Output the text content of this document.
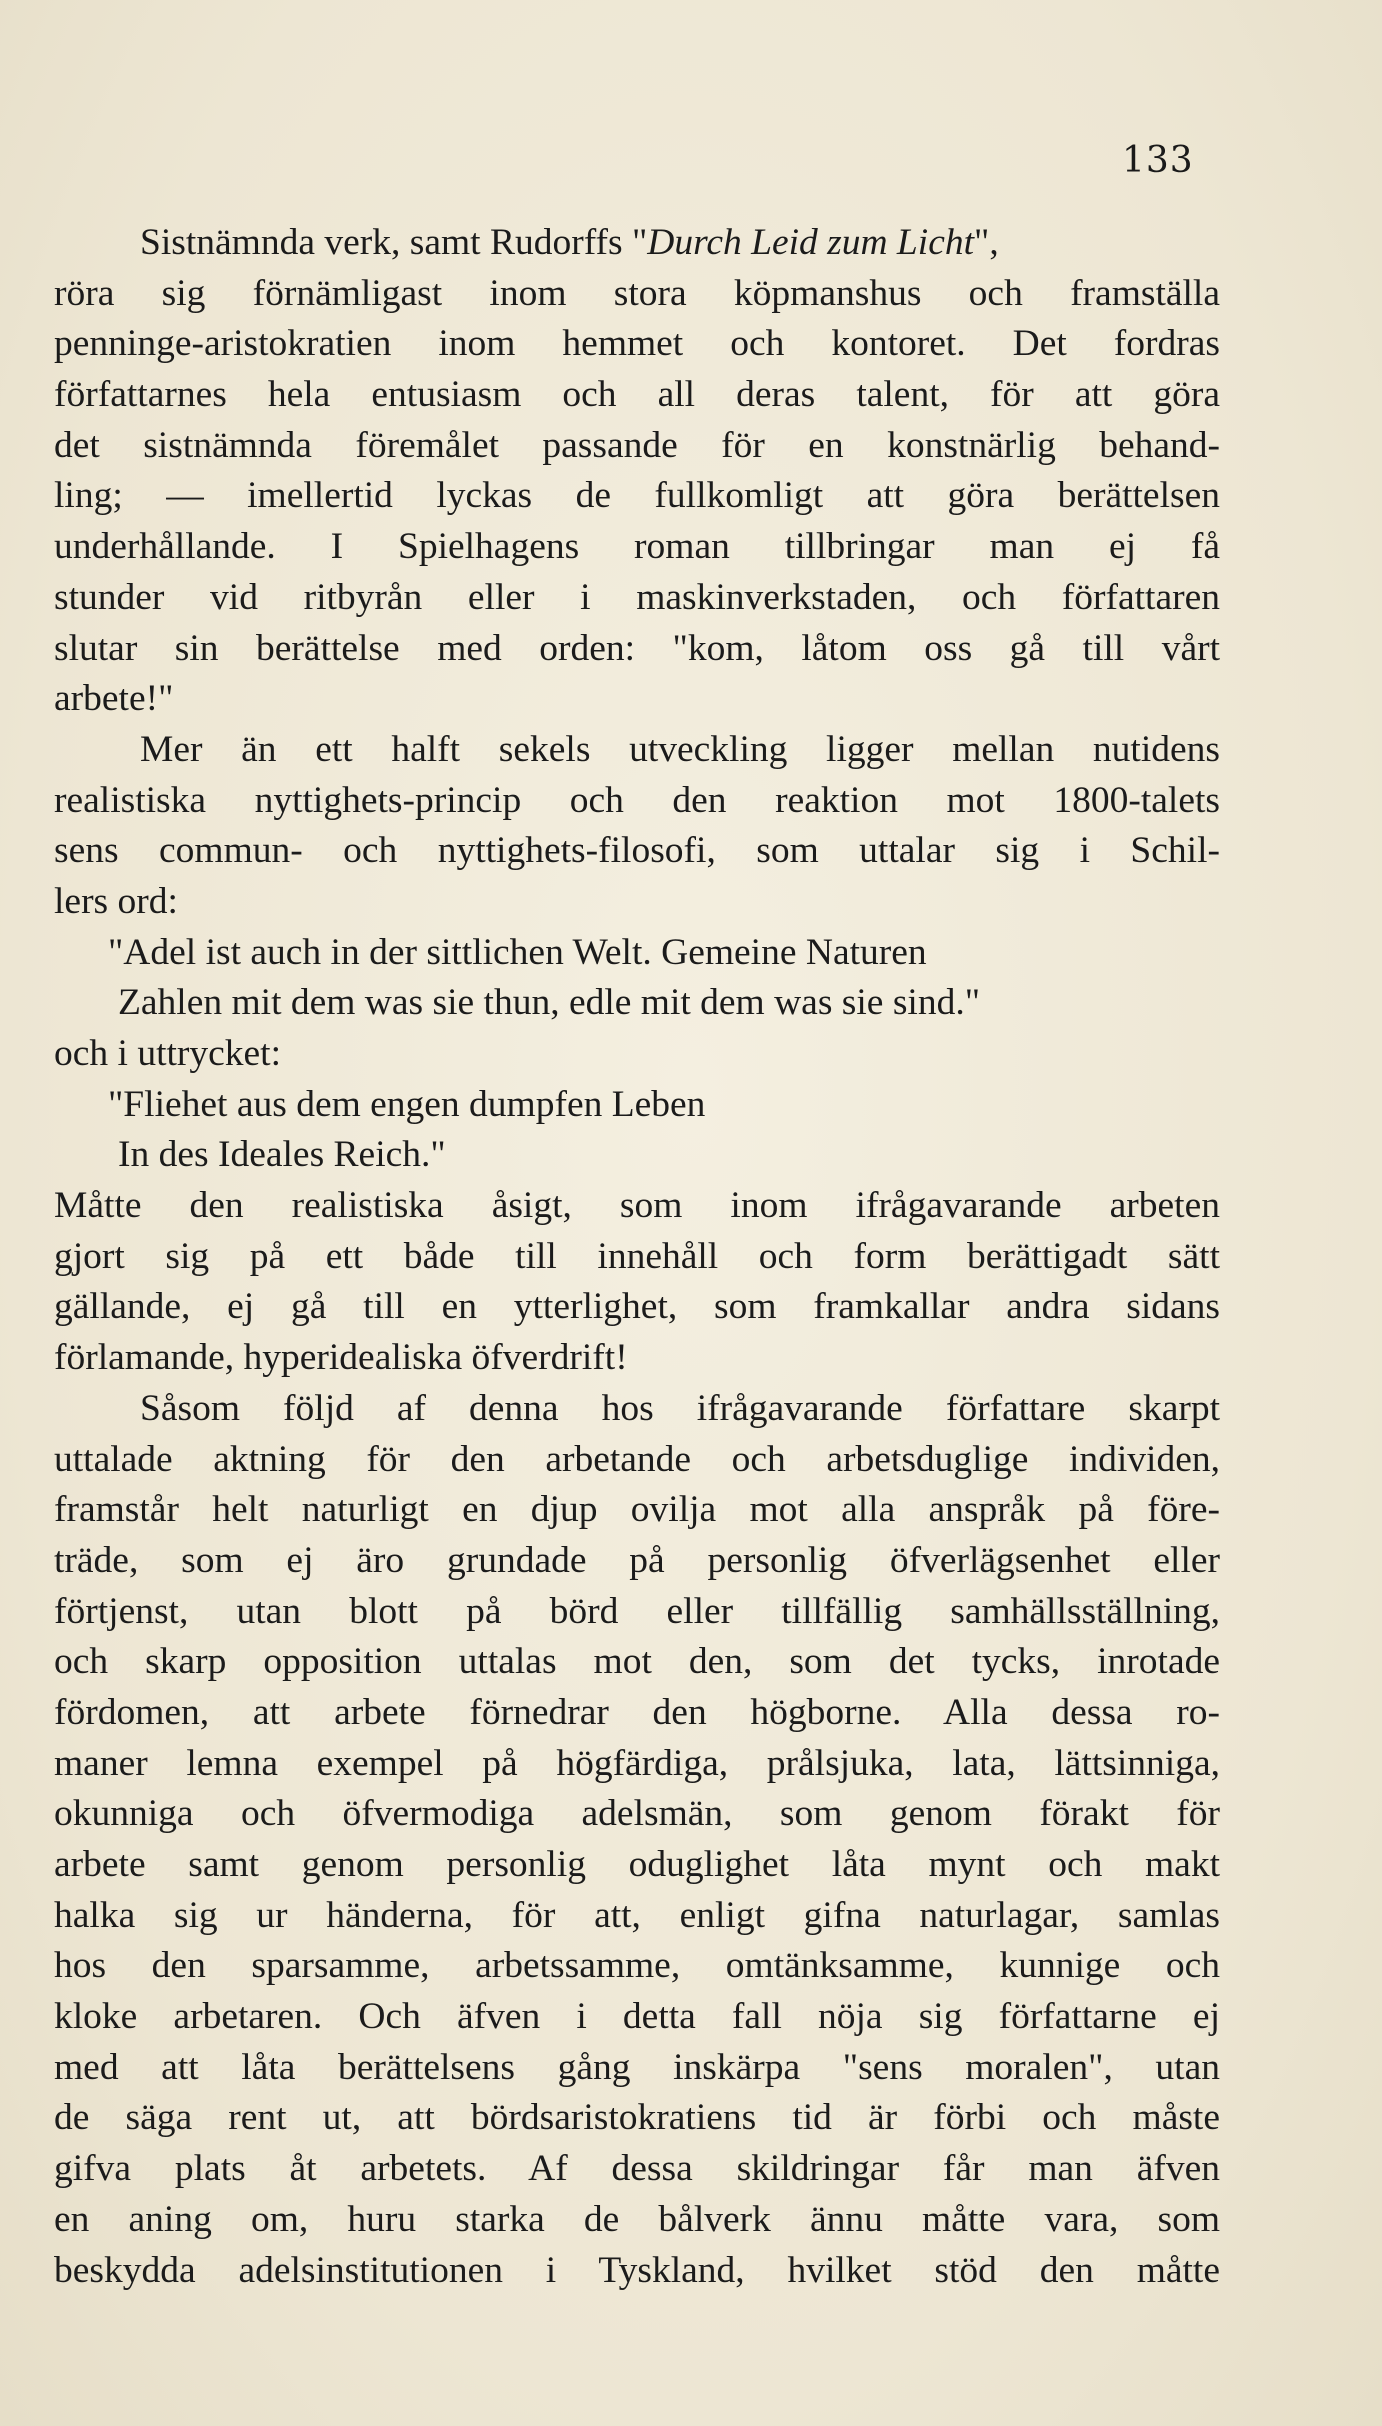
133
Sistnämnda verk, samt Rudorffs "Durch Leid zum Licht",
röra sig förnämligast inom stora köpmanshus och framställa
penninge-aristokratien inom hemmet och kontoret. Det fordras
författarnes hela entusiasm och all deras talent, för att göra
det sistnämnda föremålet passande för en konstnärlig behand-
ling; — imellertid lyckas de fullkomligt att göra berättelsen
underhållande. I Spielhagens roman tillbringar man ej få
stunder vid ritbyrån eller i maskinverkstaden, och författaren
slutar sin berättelse med orden: "kom, låtom oss gå till vårt
arbete!"
Mer än ett halft sekels utveckling ligger mellan nutidens
realistiska nyttighets-princip och den reaktion mot 1800-talets
sens commun- och nyttighets-filosofi, som uttalar sig i Schil-
lers ord:
"Adel ist auch in der sittlichen Welt. Gemeine Naturen
Zahlen mit dem was sie thun, edle mit dem was sie sind."
och i uttrycket:
"Fliehet aus dem engen dumpfen Leben
In des Ideales Reich."
Måtte den realistiska åsigt, som inom ifrågavarande arbeten
gjort sig på ett både till innehåll och form berättigadt sätt
gällande, ej gå till en ytterlighet, som framkallar andra sidans
förlamande, hyperidealiska öfverdrift!
Såsom följd af denna hos ifrågavarande författare skarpt
uttalade aktning för den arbetande och arbetsduglige individen,
framstår helt naturligt en djup ovilja mot alla anspråk på före-
träde, som ej äro grundade på personlig öfverlägsenhet eller
förtjenst, utan blott på börd eller tillfällig samhällsställning,
och skarp opposition uttalas mot den, som det tycks, inrotade
fördomen, att arbete förnedrar den högborne. Alla dessa ro-
maner lemna exempel på högfärdiga, prålsjuka, lata, lättsinniga,
okunniga och öfvermodiga adelsmän, som genom förakt för
arbete samt genom personlig oduglighet låta mynt och makt
halka sig ur händerna, för att, enligt gifna naturlagar, samlas
hos den sparsamme, arbetssamme, omtänksamme, kunnige och
kloke arbetaren. Och äfven i detta fall nöja sig författarne ej
med att låta berättelsens gång inskärpa "sens moralen", utan
de säga rent ut, att bördsaristokratiens tid är förbi och måste
gifva plats åt arbetets. Af dessa skildringar får man äfven
en aning om, huru starka de bålverk ännu måtte vara, som
beskydda adelsinstitutionen i Tyskland, hvilket stöd den måtte
